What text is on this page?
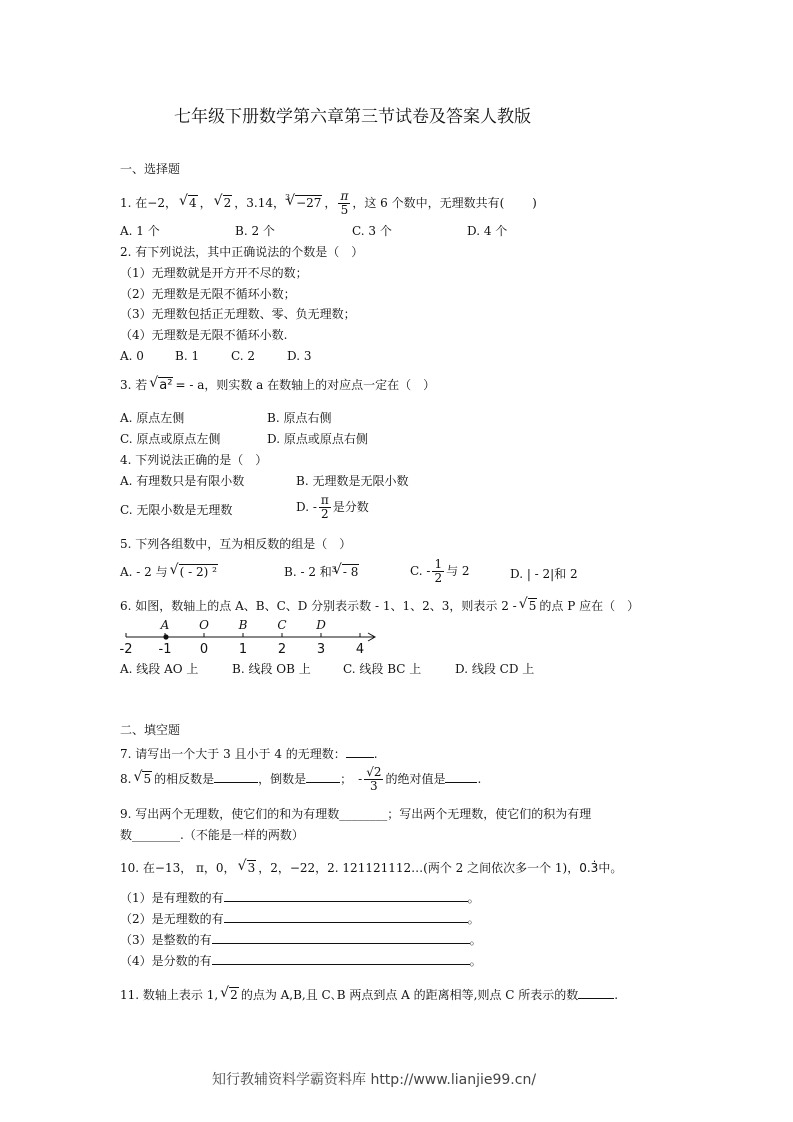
七年级下册数学第六章第三节试卷及答案人教版
一、选择题
1. 在−2， √ 4 ， √ 2 ，3.14，$^3$ √ −27 ， $\frac{\pi}{5}$ ，这 6 个数中，无理数共有(　　 )
A. 1 个	B. 2 个	C. 3 个	D. 4 个
2. 有下列说法，其中正确说法的个数是（　）
（1）无理数就是开方开不尽的数；
（2）无理数是无限不循环小数；
（3）无理数包括正无理数、零、负无理数；
（4）无理数是无限不循环小数.
A. 0	B. 1	C. 2	D. 3
3. 若 √ a² = - a，则实数 a 在数轴上的对应点一定在（　）
A. 原点左侧	B. 原点右侧
C. 原点或原点左侧	D. 原点或原点右侧
4. 下列说法正确的是（　）
A. 有理数只是有限小数	B. 无理数是无限小数
C. 无限小数是无理数	D. - $\frac{\pi}{2}$ 是分数
5. 下列各组数中，互为相反数的组是（　）
A. - 2 与 √ ( - 2) ²	B. - 2 和$^3$ √ - 8	C. - $\frac{1}{2}$ 与 2	D. | - 2|和 2
6. 如图，数轴上的点 A、B、C、D 分别表示数 - 1、1、2、3，则表示 2 - √ 5 的点 P 应在（　）
A O B C D
-2 -1 0 1 2 3 4
A. 线段 AO 上	B. 线段 OB 上	C. 线段 BC 上	D. 线段 CD 上
二、填空题
7. 请写出一个大于 3 且小于 4 的无理数： .
8. √ 5 的相反数是	，倒数是	；　- $\frac{√2}{3}$ 的绝对值是	.
9. 写出两个无理数，使它们的和为有理数________；写出两个无理数，使它们的积为有理
数________.（不能是一样的两数）
10. 在−13， π，0， √ 3 ，2，−22，2. 121121112…(两个 2 之间依次多一个 1)，0.3̇中。
（1）是有理数的有	。
（2）是无理数的有	。
（3）是整数的有	。
（4）是分数的有	。
11. 数轴上表示 1, √ 2 的点为 A,B,且 C､B 两点到点 A 的距离相等,则点 C 所表示的数	.
知行教辅资料学霸资料库 http://www.lianjie99.cn/
